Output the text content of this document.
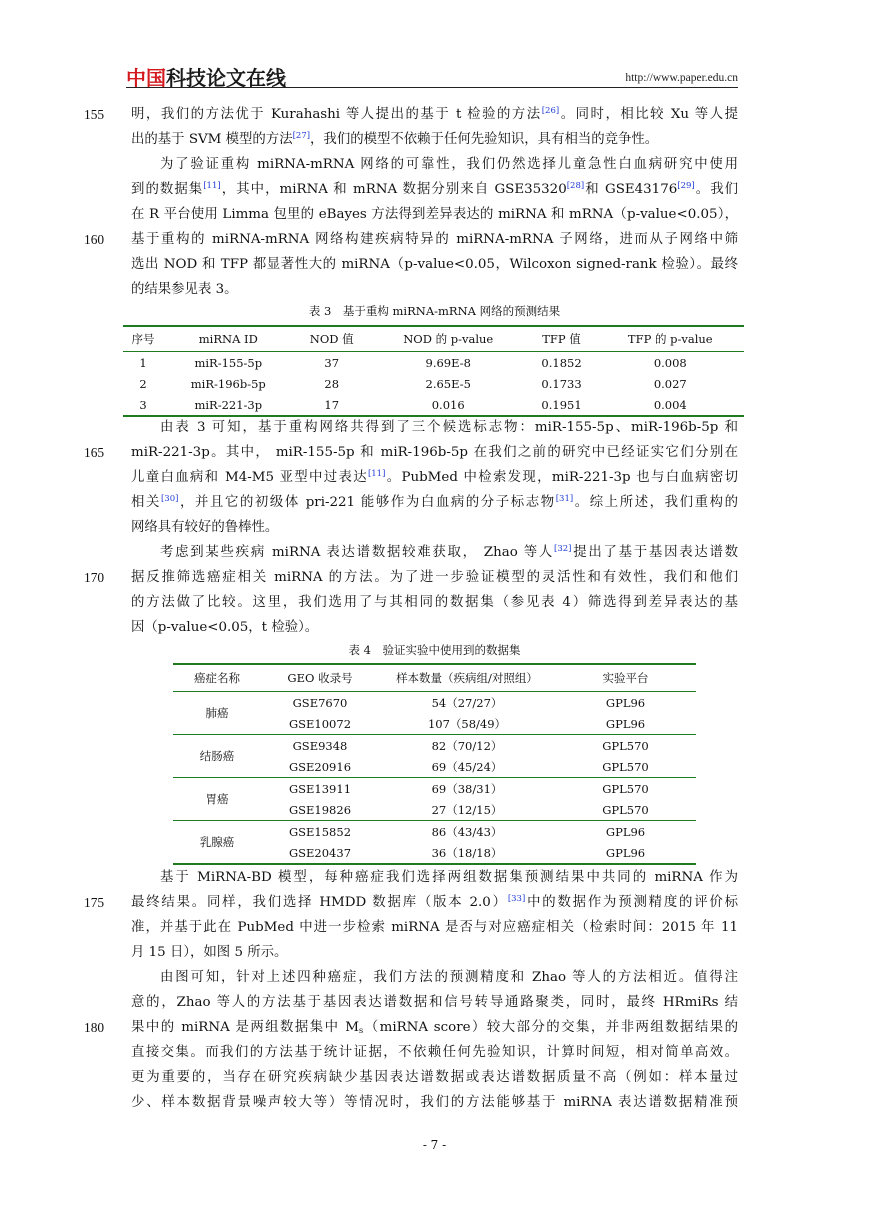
中国科技论文在线	http://www.paper.edu.cn
155
160
165
170
175
180
明，我们的方法优于 Kurahashi 等人提出的基于 t 检验的方法[26]。同时，相比较 Xu 等人提
出的基于 SVM 模型的方法[27]，我们的模型不依赖于任何先验知识，具有相当的竞争性。
为了验证重构 miRNA-mRNA 网络的可靠性，我们仍然选择儿童急性白血病研究中使用
到的数据集[11]，其中，miRNA 和 mRNA 数据分别来自 GSE35320[28]和 GSE43176[29]。我们
在 R 平台使用 Limma 包里的 eBayes 方法得到差异表达的 miRNA 和 mRNA（p-value<0.05），
基于重构的 miRNA-mRNA 网络构建疾病特异的 miRNA-mRNA 子网络，进而从子网络中筛
选出 NOD 和 TFP 都显著性大的 miRNA（p-value<0.05，Wilcoxon signed-rank 检验）。最终
的结果参见表 3。
表 3　基于重构 miRNA-mRNA 网络的预测结果
序号	miRNA ID	NOD 值	NOD 的 p-value	TFP 值	TFP 的 p-value
1	miR-155-5p	37	9.69E-8	0.1852	0.008
2	miR-196b-5p	28	2.65E-5	0.1733	0.027
3	miR-221-3p	17	0.016	0.1951	0.004
由表 3 可知，基于重构网络共得到了三个候选标志物：miR-155-5p、miR-196b-5p 和
miR-221-3p。其中， miR-155-5p 和 miR-196b-5p 在我们之前的研究中已经证实它们分别在
儿童白血病和 M4-M5 亚型中过表达[11]。PubMed 中检索发现，miR-221-3p 也与白血病密切
相关[30]，并且它的初级体 pri-221 能够作为白血病的分子标志物[31]。综上所述，我们重构的
网络具有较好的鲁棒性。
考虑到某些疾病 miRNA 表达谱数据较难获取， Zhao 等人[32]提出了基于基因表达谱数
据反推筛选癌症相关 miRNA 的方法。为了进一步验证模型的灵活性和有效性，我们和他们
的方法做了比较。这里，我们选用了与其相同的数据集（参见表 4）筛选得到差异表达的基
因（p-value<0.05，t 检验）。
表 4　验证实验中使用到的数据集
癌症名称	GEO 收录号	样本数量（疾病组/对照组）	实验平台
肺癌	GSE7670	54（27/27）	GPL96
	GSE10072	107（58/49）	GPL96
结肠癌	GSE9348	82（70/12）	GPL570
	GSE20916	69（45/24）	GPL570
胃癌	GSE13911	69（38/31）	GPL570
	GSE19826	27（12/15）	GPL570
乳腺癌	GSE15852	86（43/43）	GPL96
	GSE20437	36（18/18）	GPL96
基于 MiRNA-BD 模型，每种癌症我们选择两组数据集预测结果中共同的 miRNA 作为
最终结果。同样，我们选择 HMDD 数据库（版本 2.0）[33]中的数据作为预测精度的评价标
准，并基于此在 PubMed 中进一步检索 miRNA 是否与对应癌症相关（检索时间：2015 年 11
月 15 日），如图 5 所示。
由图可知，针对上述四种癌症，我们方法的预测精度和 Zhao 等人的方法相近。值得注
意的，Zhao 等人的方法基于基因表达谱数据和信号转导通路聚类，同时，最终 HRmiRs 结
果中的 miRNA 是两组数据集中 $M_s(miRNA$ score）较大部分的交集，并非两组数据结果的
直接交集。而我们的方法基于统计证据，不依赖任何先验知识，计算时间短，相对简单高效。
更为重要的，当存在研究疾病缺少基因表达谱数据或表达谱数据质量不高（例如：样本量过
少、样本数据背景噪声较大等）等情况时，我们的方法能够基于 miRNA 表达谱数据精准预
- 7 -
